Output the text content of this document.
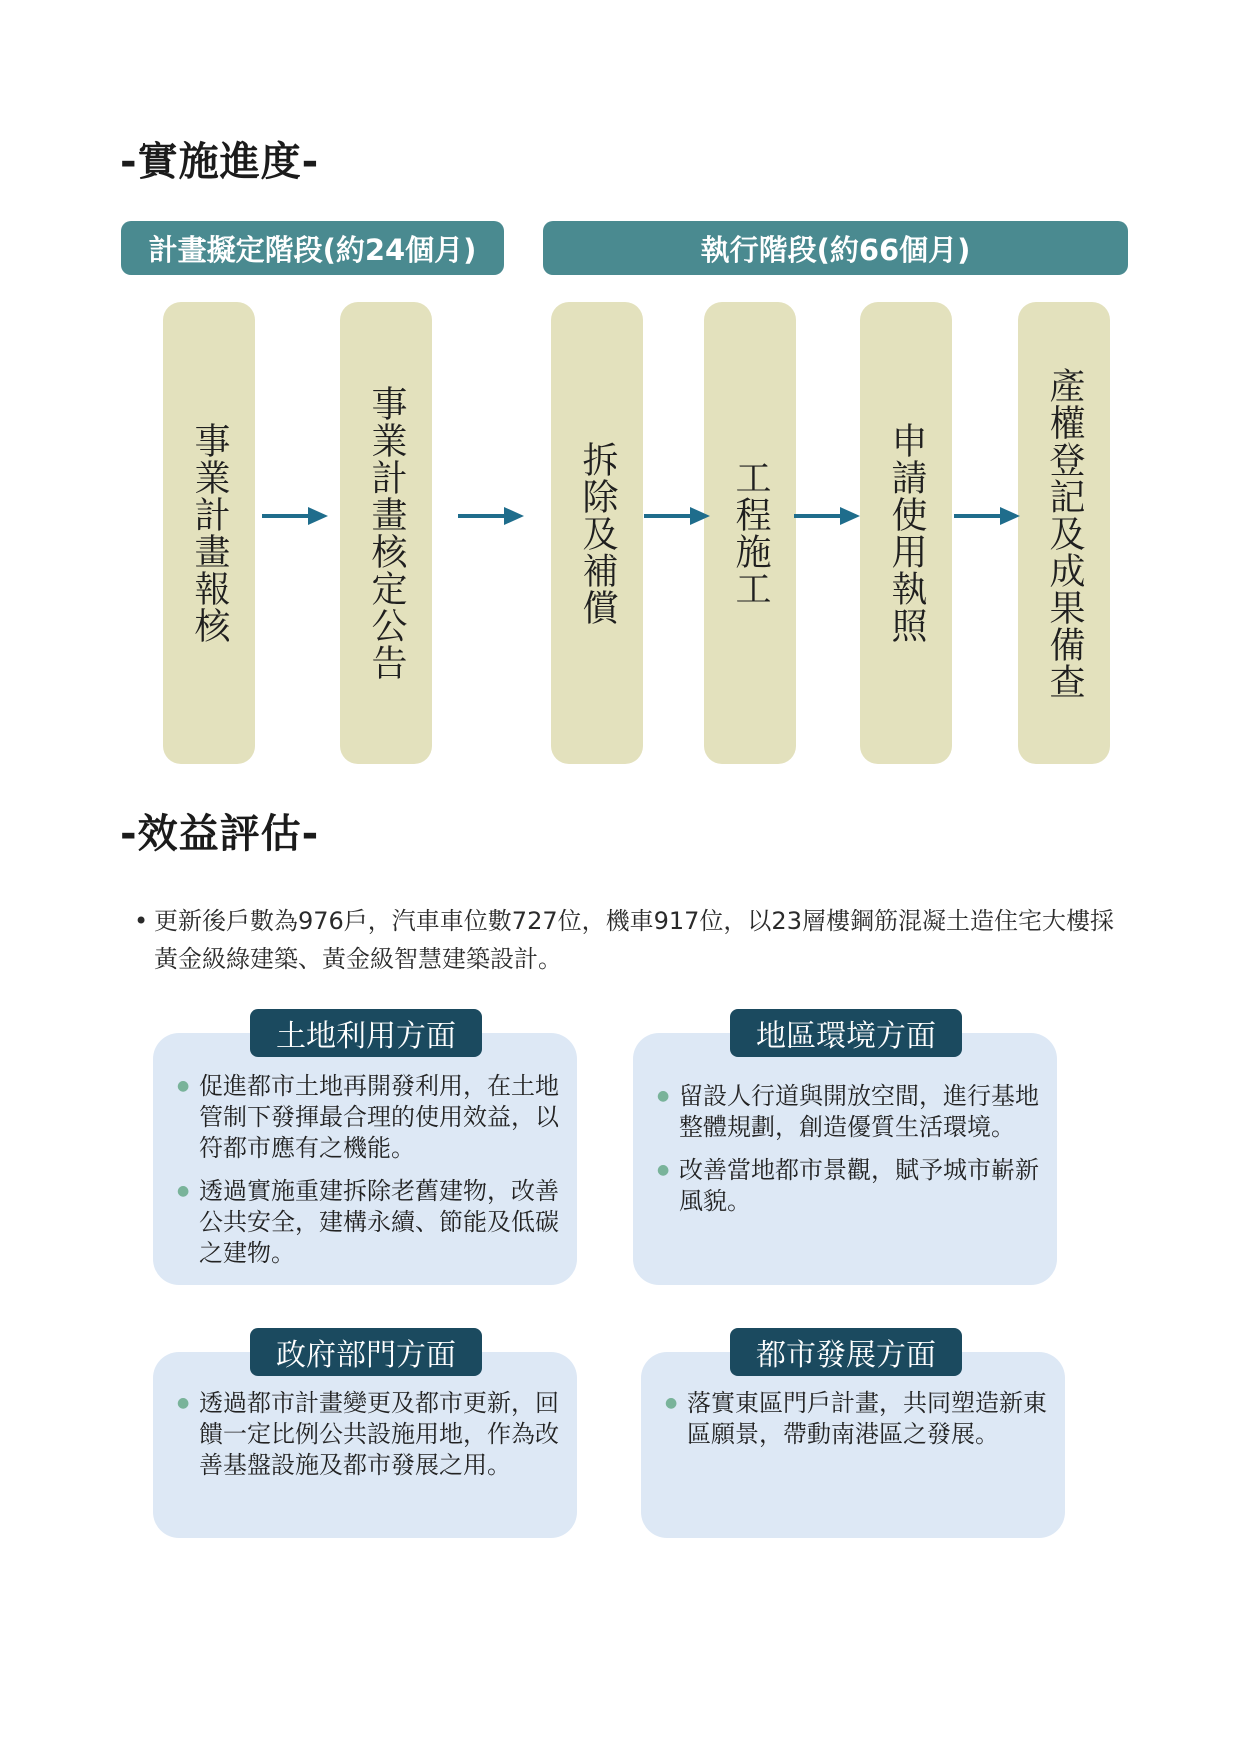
-實施進度-
計畫擬定階段(約24個月)	執行階段(約66個月)
事業計畫報核	事業計畫核定公告	拆除及補償	工程施工	申請使用執照	產權登記及成果備查
-效益評估-
• 更新後戶數為976戶，汽車車位數727位，機車917位，以23層樓鋼筋混凝土造住宅大樓採黃金級綠建築、黃金級智慧建築設計。
● 促進都市土地再開發利用，在土地管制下發揮最合理的使用效益，以符都市應有之機能。
● 透過實施重建拆除老舊建物，改善公共安全，建構永續、節能及低碳之建物。
土地利用方面
● 留設人行道與開放空間，進行基地整體規劃，創造優質生活環境。
● 改善當地都市景觀，賦予城市嶄新風貌。
地區環境方面
● 透過都市計畫變更及都市更新，回饋一定比例公共設施用地，作為改善基盤設施及都市發展之用。
政府部門方面
● 落實東區門戶計畫，共同塑造新東區願景，帶動南港區之發展。
都市發展方面
